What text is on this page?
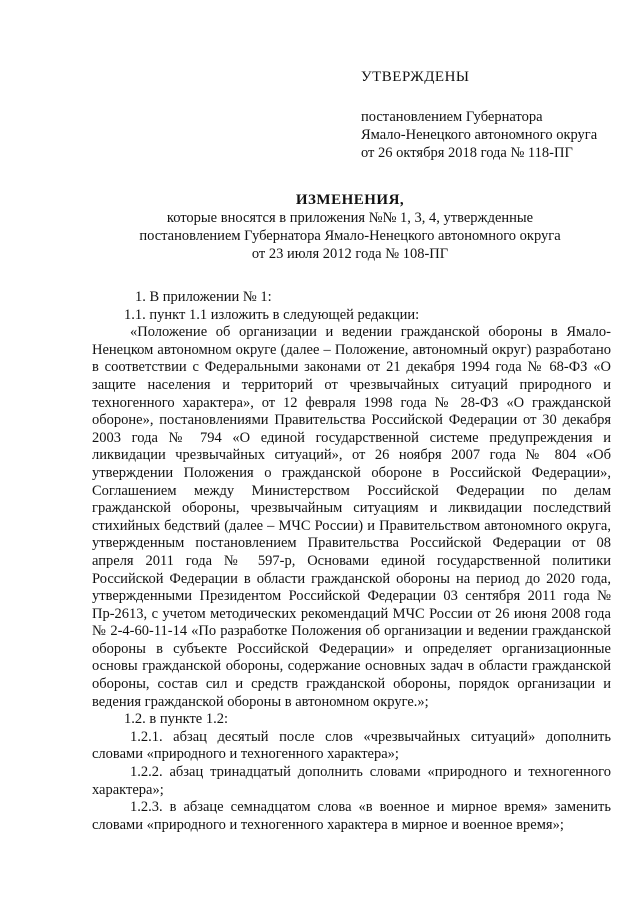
УТВЕРЖДЕНЫ
постановлением Губернатора
Ямало-Ненецкого автономного округа
от 26 октября 2018 года № 118-ПГ
ИЗМЕНЕНИЯ,
которые вносятся в приложения №№ 1, 3, 4, утвержденные
постановлением Губернатора Ямало-Ненецкого автономного округа
от 23 июля 2012 года № 108-ПГ

1. В приложении № 1:

1.1. пункт 1.1 изложить в следующей редакции:

«Положение об организации и ведении гражданской обороны в Ямало-Ненецком автономном округе (далее – Положение, автономный округ) разработано в соответствии с Федеральными законами от 21 декабря 1994 года № 68-ФЗ «О защите населения и территорий от чрезвычайных ситуаций природного и техногенного характера», от 12 февраля 1998 года № 28-ФЗ «О гражданской обороне», постановлениями Правительства Российской Федерации от 30 декабря 2003 года № 794 «О единой государственной системе предупреждения и ликвидации чрезвычайных ситуаций», от 26 ноября 2007 года № 804 «Об утверждении Положения о гражданской обороне в Российской Федерации», Соглашением между Министерством Российской Федерации по делам гражданской обороны, чрезвычайным ситуациям и ликвидации последствий стихийных бедствий (далее – МЧС России) и Правительством автономного округа, утвержденным постановлением Правительства Российской Федерации от 08 апреля 2011 года № 597-р, Основами единой государственной политики Российской Федерации в области гражданской обороны на период до 2020 года, утвержденными Президентом Российской Федерации 03 сентября 2011 года № Пр-2613, с учетом методических рекомендаций МЧС России от 26 июня 2008 года № 2-4-60-11-14 «По разработке Положения об организации и ведении гражданской обороны в субъекте Российской Федерации» и определяет организационные основы гражданской обороны, содержание основных задач в области гражданской обороны, состав сил и средств гражданской обороны, порядок организации и ведения гражданской обороны в автономном округе.»;

1.2. в пункте 1.2:

1.2.1. абзац десятый после слов «чрезвычайных ситуаций» дополнить словами «природного и техногенного характера»;

1.2.2. абзац тринадцатый дополнить словами «природного и техногенного характера»;

1.2.3. в абзаце семнадцатом слова «в военное и мирное время» заменить словами «природного и техногенного характера в мирное и военное время»;
